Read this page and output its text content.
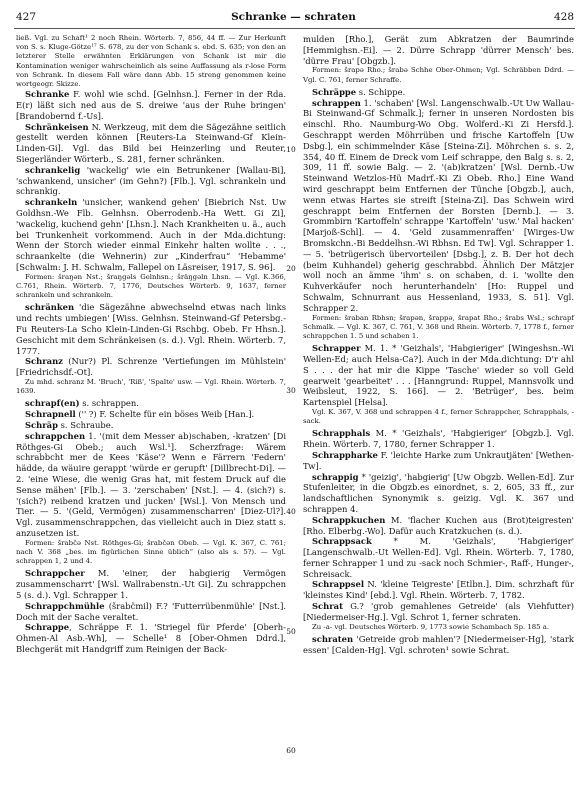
427	Schranke — schraten	428

ließ. Vgl. zu Schaft¹ 2 noch Rhein. Wörterb. 7, 856, 44 ff. — Zur Herkunft von S. s. Kluge-Götze¹⁷ S. 678, zu der von Schank s. ebd. S. 635; von den an letzterer Stelle erwähnten Erklärungen von Schank ist mir die Kontamination weniger wahrscheinlich als seine Auffassung als r-lose Form von Schrank. In diesem Fall wäre dann Abb. 15 streng genommen keine wortgeogr. Skizze.

Schranke F. wohl wie schd. [Gelnhsn.]. Ferner in der Rda. E(r) läßt sich ned aus de S. dreiwe 'aus der Ruhe bringen' [Brandobernd f.-Us].

Schränkeisen N. Werkzeug, mit dem die Sägezähne seitlich gestellt werden können [Reuters-La Steinwand-Gf Klein-Linden-Gi]. Vgl. das Bild bei Heinzerling und Reuter, Siegerländer Wörterb., S. 281, ferner schränken.

schrankelig 'wackelig' wie ein Betrunkener [Wallau-Bi], 'schwankend, unsicher' (im Gehn?) [Flb.]. Vgl. schrankeln und schrankig.

schrankeln 'unsicher, wankend gehen' [Biebrich Nst. Uw Goldhsn.-We Flb. Gelnhsn. Oberrodenb.-Ha Wett. Gi Zi], 'wackelig, kuchend gehn' [Lhsn.]. Nach Krankheiten u. ä., auch bei Trunkenheit vorkommend. Auch in der Mda.dichtung: Wenn der Storch wieder einmal Einkehr halten wollte . . ., schraankelte (die Wehnerin) zur „Kinderfrau“ 'Hebamme' [Schwalm: J. H. Schwalm, Fallepel on Läsreiser, 1917, S. 96].

Formen: šraŋən Nst.; šraŋgəls Gelnhsn.; šräŋgəln Lhsn. — Vgl. K.366, C.761, Rhein. Wörterb. 7, 1776, Deutsches Wörterb. 9, 1637, ferner schrankeln und schrankeln.

schränken 'die Sägezähne abwechselnd etwas nach links und rechts umbiegen' [Wiss. Gelnhsn. Steinwand-Gf Petersbg.-Fu Reuters-La Scho Klein-Linden-Gi Rschbg. Obeb. Fr Hhsn.]. Geschicht mit dem Schränkeisen (s. d.). Vgl. Rhein. Wörterb. 7, 1777.

Schranz (Nur?) Pl. Schrenze 'Vertiefungen im Mühlstein' [Friedrichsdf.-Ot].

Zu mhd. schranz M. 'Bruch', 'Riß', 'Spalte' usw. — Vgl. Rhein. Wörterb. 7, 1639.

schrapf(en) s. schrappen.

Schrapnell ('' ?) F. Schelte für ein böses Weib [Han.].

Schräp s. Schraube.

schrappchen 1. '(mit dem Messer ab)schaben, -kratzen' [Di Röthges-Gi Obeb.; auch Wsl.¹]. Scherzfrage: Wärem schrabbcht mer de Kees 'Käse'? Wenn e Färrern 'Federn' hädde, da wäuire gerappt 'würde er gerupft' [Dillbrecht-Di]. — 2. 'eine Wiese, die wenig Gras hat, mit festem Druck auf die Sense mähen' [Flb.]. — 3. 'zerschaben' [Nst.]. — 4. (sich?) s. '(sich?) reibend kratzen und jucken' [Wsl.]. Von Mensch und Tier. — 5. '(Geld, Vermögen) zusammenscharren' [Diez-Ul?]. Vgl. zusammenschrappchen, das vielleicht auch in Diez statt s. anzusetzen ist.

Formen: šrabčə Nst. Röthges-Gi; šrabčən Obeb. — Vgl. K. 367, C. 761; nach V. 368 „bes. im figürlichen Sinne üblich“ (also als s. 5?). — Vgl. schrappen 1, 2 und 4.

Schrappcher M. 'einer, der habgierig Vermögen zusammenscharrt' [Wsl. Wallrabenstn.-Ut Gi]. Zu schrappchen 5 (s. d.). Vgl. Schrapper 1.

Schrappchmühle (šrabčmil) F.? 'Futterrübenmühle' [Nst.]. Doch mit der Sache veraltet.

Schrappe, Schräppe F. 1. 'Striegel für Pferde' [Oberh-Ohmen-Al Asb.-Wh], — Schelle¹ 8 [Ober-Ohmen Ddrd.], Blechgerät mit Handgriff zum Reinigen der Back-

mulden [Rho.], Gerät zum Abkratzen der Baumrinde [Hemmighsn.-Ei]. — 2. Dürre Schrapp 'dürrer Mensch' bes. 'dürre Frau' [Obgzb.].

Formen: šrapə Rho.; šrabə Schhe Ober-Ohmen; Vgl. Schräbben Ddrd. — Vgl. C. 761, ferner Schraffe.

Schräppe s. Schippe.

schrappen 1. 'schaben' [Wsl. Langenschwalb.-Ut Uw Wallau-Bi Steinwand-Gf Schmalk.]; ferner in unseren Nordosten bis einschl. Rho. Naumburg-Wo Obg. Wolferd.-Ki Zi Hersfd.]. Geschrappt werden Möhrrüben und frische Kartoffeln [Uw Dsbg.], ein schimmelnder Käse [Steina-Zi]. Möhrchen s. s. 2, 354, 40 ff. Einem de Dreck vom Leif schrappe, den Balg s. s. 2, 309, 11 ff. sowie Balg. — 2. '(ab)kratzen' [Wsl. Dernb.-Uw Steinwand Wetzlos-Hü Madrf.-Ki Zi Obeb. Rho.] Eine Wand wird geschrappt beim Entfernen der Tünche [Obgzb.], auch, wenn etwas Hartes sie streift [Steina-Zi]. Das Schwein wird geschrappt beim Entfernen der Borsten [Dernb.]. — 3. Grommbirn 'Kartoffeln' schrappe 'Kartoffeln' 'usw.' Mal hacken' [Marjoß-Schl]. — 4. 'Geld zusammenraffen' [Wirges-Uw Bromskchn.-Bi Beddelhsn.-Wi Rbhsn. Ed Tw]. Vgl. Schrapper 1. — 5. 'betrügerisch übervorteilen' [Dsbg.], z. B. Der hot dech (beim Kuhhandel) geherig geschrabbd. Ähnlich Der Mätzjer woll noch an ämme 'ihm' s. on schaben, d. i. 'wollte den Kuhverkäufer noch herunterhandeln' [Ho: Ruppel und Schwalm, Schnurrant aus Hessenland, 1933, S. 51]. Vgl. Schrapper 2.

Formen: šraban Rbhsn; šrapən, šrappə, šrapat Rho.; šrabs Wsl.; schrapf Schmalk. — Vgl. K. 367, C. 761, V. 368 und Rhein. Wörterb. 7, 1778 f., ferner schrappchen 1. 5 und schaben 1.

Schrapper M. 1. * 'Geizhals', 'Habgieriger' [Wingeshsn.-Wi Wellen-Ed; auch Helsa-Ca?]. Auch in der Mda.dichtung: D'r ahl S . . . der hat mir die Kippe 'Tasche' wieder so voll Geld gearweit 'gearbeitet' . . . [Hanngrund: Ruppel, Mannsvolk und Weibsleut, 1922, S. 166]. — 2. 'Betrüger', bes. beim Kartenspiel [Helsa].

Vgl. K. 367, V. 368 und schrappen 4 f., ferner Schrappcher, Schrapphals, -sack.

Schrapphals M. * 'Geizhals', 'Habgieriger' [Obgzb.]. Vgl. Rhein. Wörterb. 7, 1780, ferner Schrapper 1.

Schrappharke F. 'leichte Harke zum Unkrautjäten' [Wethen-Tw].

schrappig * 'geizig', 'habgierig' [Uw Obgzb. Wellen-Ed]. Zur Stufenleiter, in die Obgzb.es einordnet, s. 2, 605, 33 ff., zur landschaftlichen Synonymik s. geizig. Vgl. K. 367 und schrappen 4.

Schrappkuchen M. 'flacher Kuchen aus (Brot)teigresten' [Rho. Elberbg.-Wo]. Dafür auch Kratzkuchen (s. d.).

Schrappsack * M. 'Geizhals', 'Habgieriger' [Langenschwalb.-Ut Wellen-Ed]. Vgl. Rhein. Wörterb. 7, 1780, ferner Schrapper 1 und zu -sack noch Schmier-, Raff-, Hunger-, Schreisack.

Schrappsel N. 'kleine Teigreste' [Etlbn.]. Dim. schrzhaft für 'kleinstes Kind' [ebd.]. Vgl. Rhein. Wörterb. 7, 1782.

Schrat G.? 'grob gemahlenes Getreide' (als Viehfutter) [Niedermeiser-Hg.]. Vgl. Schrot 1, ferner schraten.

Zu -a- vgl. Deutsches Wörterb. 9, 1773 sowie Schambach Sp. 185 a.

schraten 'Getreide grob mahlen'? [Niedermeiser-Hg], 'stark essen' [Calden-Hg]. Vgl. schroten¹ sowie Schrat.

10
20
30
40
50
60
